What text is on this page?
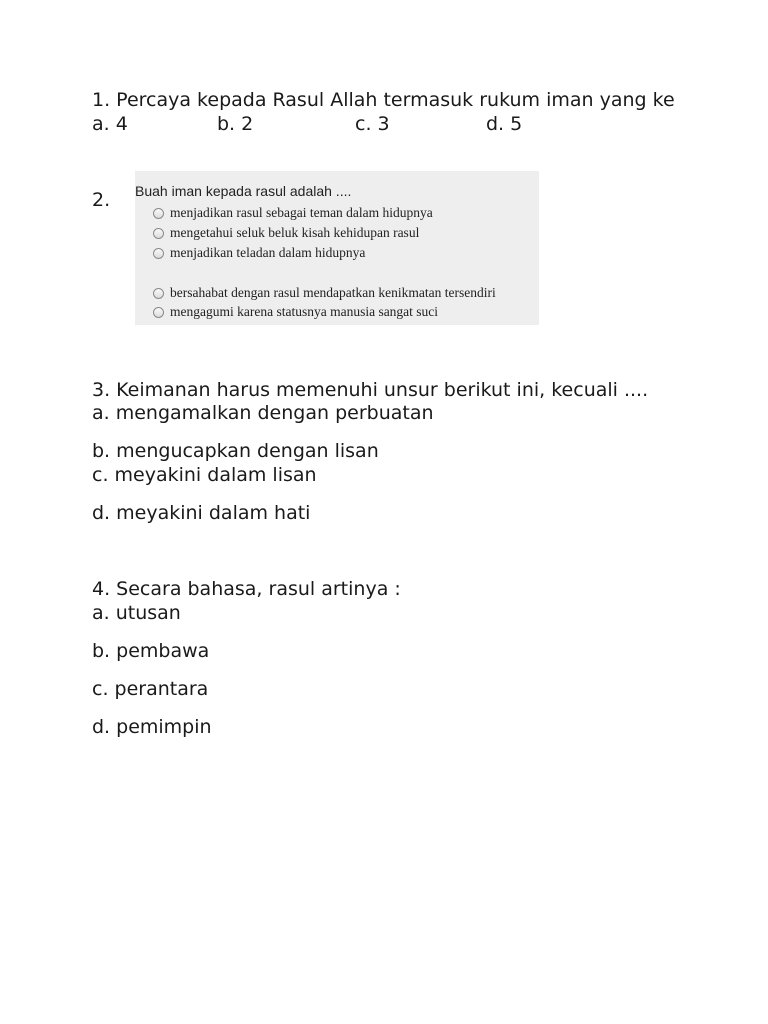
1. Percaya kepada Rasul Allah termasuk rukum iman yang ke
a. 4	b. 2	c. 3	d. 5
2. Buah iman kepada rasul adalah ....
menjadikan rasul sebagai teman dalam hidupnya
mengetahui seluk beluk kisah kehidupan rasul
menjadikan teladan dalam hidupnya
bersahabat dengan rasul mendapatkan kenikmatan tersendiri
mengagumi karena statusnya manusia sangat suci
3. Keimanan harus memenuhi unsur berikut ini, kecuali ....
a. mengamalkan dengan perbuatan
b. mengucapkan dengan lisan
c. meyakini dalam lisan
d. meyakini dalam hati
4. Secara bahasa, rasul artinya :
a. utusan
b. pembawa
c. perantara
d. pemimpin
